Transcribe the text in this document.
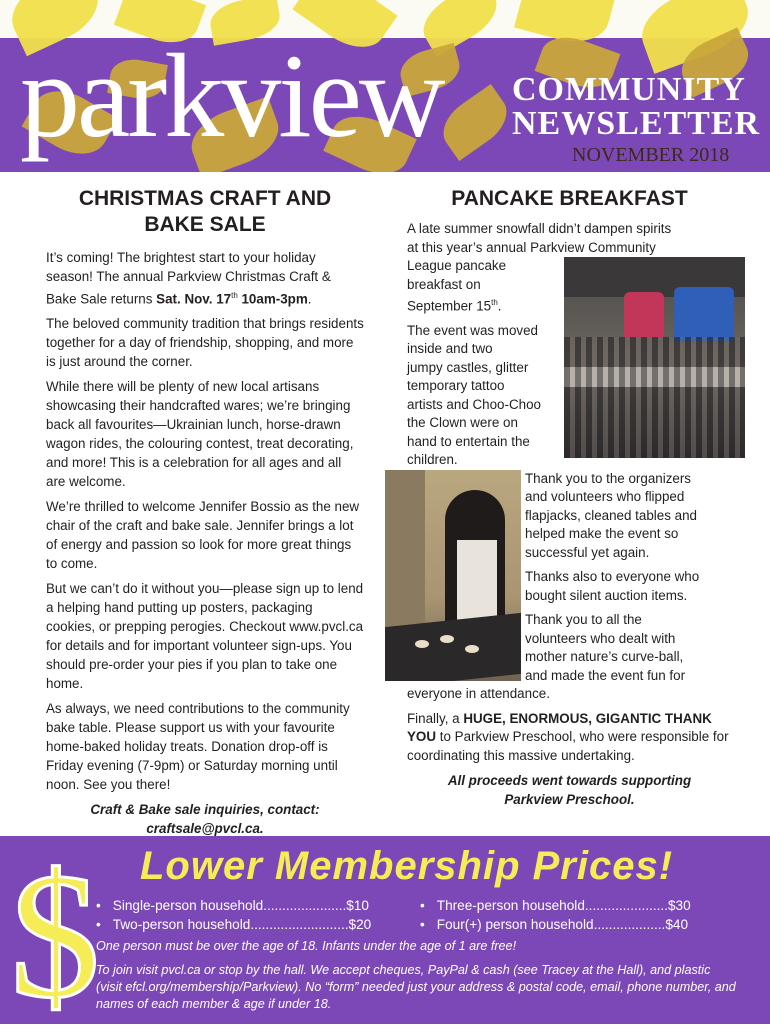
parkview COMMUNITY
NEWSLETTER
NOVEMBER 2018
CHRISTMAS CRAFT AND
BAKE SALE

It’s coming! The brightest start to your holiday season! The annual Parkview Christmas Craft & Bake Sale returns Sat. Nov. 17th 10am-3pm.

The beloved community tradition that brings residents together for a day of friendship, shopping, and more is just around the corner.

While there will be plenty of new local artisans showcasing their handcrafted wares; we’re bringing back all favourites—Ukrainian lunch, horse-drawn wagon rides, the colouring contest, treat decorating, and more! This is a celebration for all ages and all are welcome.

We’re thrilled to welcome Jennifer Bossio as the new chair of the craft and bake sale. Jennifer brings a lot of energy and passion so look for more great things to come.

But we can’t do it without you—please sign up to lend a helping hand putting up posters, packaging cookies, or prepping perogies. Checkout www.pvcl.ca for details and for important volunteer sign-ups. You should pre-order your pies if you plan to take one home.

As always, we need contributions to the community bake table. Please support us with your favourite home-baked holiday treats. Donation drop-off is Friday evening (7-9pm) or Saturday morning until noon. See you there!

Craft & Bake sale inquiries, contact:
craftsale@pvcl.ca.
PANCAKE BREAKFAST
A late summer snowfall didn’t dampen spirits
at this year’s annual Parkview Community
League pancake
breakfast on
September 15th.
The event was moved
inside and two
jumpy castles, glitter
temporary tattoo
artists and Choo-Choo
the Clown were on
hand to entertain the
children.
Thank you to the organizers
and volunteers who flipped
flapjacks, cleaned tables and
helped make the event so
successful yet again.
Thanks also to everyone who
bought silent auction items.
Thank you to all the
volunteers who dealt with
mother nature’s curve-ball,
and made the event fun for
everyone in attendance.
Finally, a HUGE, ENORMOUS, GIGANTIC THANK YOU to Parkview Preschool, who were responsible for coordinating this massive undertaking.
All proceeds went towards supporting
Parkview Preschool.
$ Lower Membership Prices!
• Single-person household......................$10
• Two-person household..........................$20
• Three-person household......................$30
• Four(+) person household...................$40
One person must be over the age of 18. Infants under the age of 1 are free!
To join visit pvcl.ca or stop by the hall. We accept cheques, PayPal & cash (see Tracey at the Hall), and plastic (visit efcl.org/membership/Parkview). No “form” needed just your address & postal code, email, phone number, and names of each member & age if under 18.
